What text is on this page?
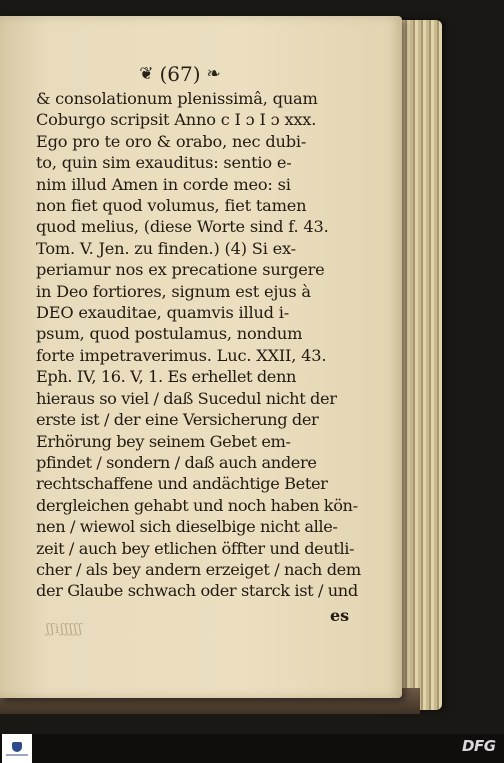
❦ (67) ❧
& consolationum plenissimâ, quam
Coburgo scripsit Anno c I ɔ I ɔ xxx.
Ego pro te oro & orabo, nec dubi-
to, quin sim exauditus: sentio e-
nim illud Amen in corde meo: si
non fiet quod volumus, fiet tamen
quod melius, (diese Worte sind f. 43.
Tom. V. Jen. zu finden.) (4) Si ex-
periamur nos ex precatione surgere
in Deo fortiores, signum est ejus à
DEO exauditae, quamvis illud i-
psum, quod postulamus, nondum
forte impetraverimus. Luc. XXII, 43.
Eph. IV, 16. V, 1. Es erhellet denn
hieraus so viel / daß Sucedul nicht der
erste ist / der eine Versicherung der
Erhörung bey seinem Gebet em-
pfindet / sondern / daß auch andere
rechtschaffene und andächtige Beter
dergleichen gehabt und noch haben kön-
nen / wiewol sich dieselbige nicht alle-
zeit / auch bey etlichen öffter und deutli-
cher / als bey andern erzeiget / nach dem
der Glaube schwach oder starck ist / und
es
ʃʃiʃʃʃʃʃ
DFG
